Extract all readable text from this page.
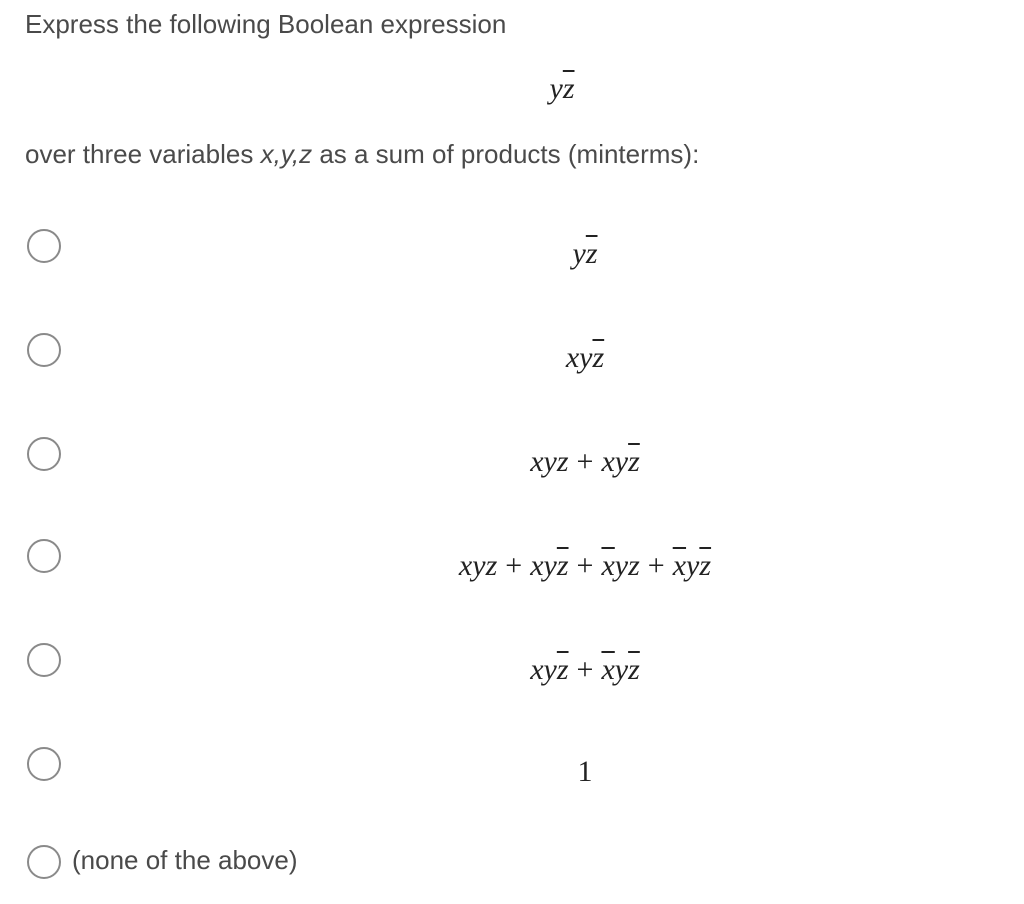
Express the following Boolean expression
$y\overline{z}$
over three variables x,y,z as a sum of products (minterms):
$y\overline{z}$
$xy\overline{z}$
xyz + $xy\overline{z}$
xyz + $xy\overline{z} + \overline{x}yz + \overline{x}y\overline{z}$
$xy\overline{z} + \overline{x}y\overline{z}$
1
(none of the above)
